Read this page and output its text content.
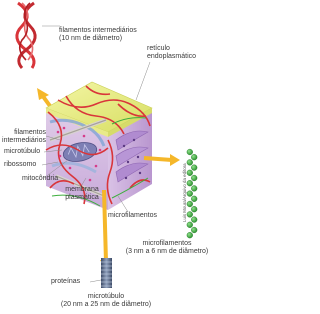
filamentos intermediários
(10 nm de diâmetro)
retículo
endoplasmático
filamentos
intermediários
microtúbulo
ribossomo
mitocôndria
membrana
plasmática
microfilamentos
microfilamentos
(3 nm a 6 nm de diâmetro)
proteínas
microtúbulo
(20 nm a 25 nm de diâmetro)
Luis Moura/Arquivo da editora
